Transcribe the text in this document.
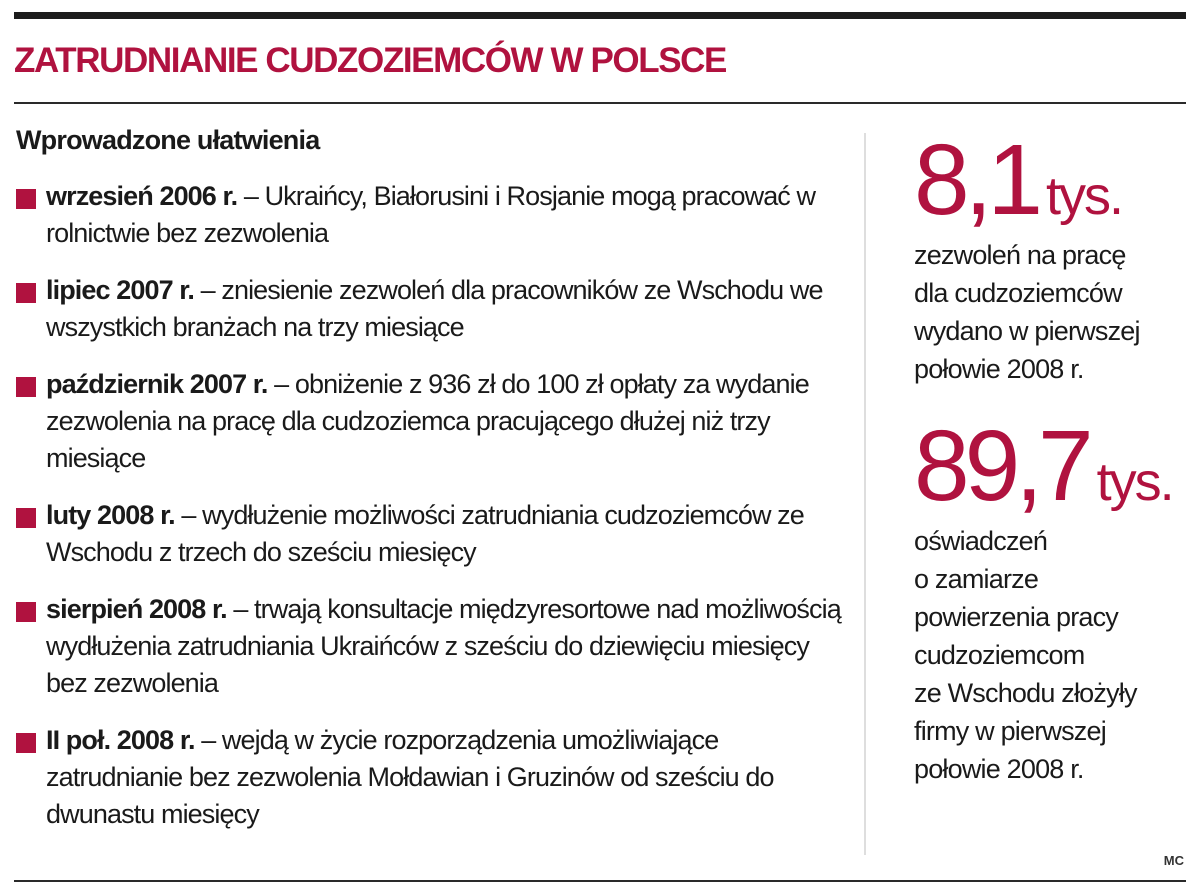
ZATRUDNIANIE CUDZOZIEMCÓW W POLSCE
Wprowadzone ułatwienia
wrzesień 2006 r. – Ukraińcy, Białorusini i Rosjanie mogą pracować w rolnictwie bez zezwolenia
lipiec 2007 r. – zniesienie zezwoleń dla pracowników ze Wschodu we wszystkich branżach na trzy miesiące
październik 2007 r. – obniżenie z 936 zł do 100 zł opłaty za wydanie zezwolenia na pracę dla cudzoziemca pracującego dłużej niż trzy miesiące
luty 2008 r. – wydłużenie możliwości zatrudniania cudzoziemców ze Wschodu z trzech do sześciu miesięcy
sierpień 2008 r. – trwają konsultacje międzyresortowe nad możliwością wydłużenia zatrudniania Ukraińców z sześciu do dziewięciu miesięcy bez zezwolenia
II poł. 2008 r. – wejdą w życie rozporządzenia umożliwiające zatrudnianie bez zezwolenia Mołdawian i Gruzinów od sześciu do dwunastu miesięcy
8,1 tys.

zezwoleń na pracę
dla cudzoziemców
wydano w pierwszej
połowie 2008 r.

89,7 tys.

oświadczeń
o zamiarze
powierzenia pracy
cudzoziemcom
ze Wschodu złożyły
firmy w pierwszej
połowie 2008 r.

MC
